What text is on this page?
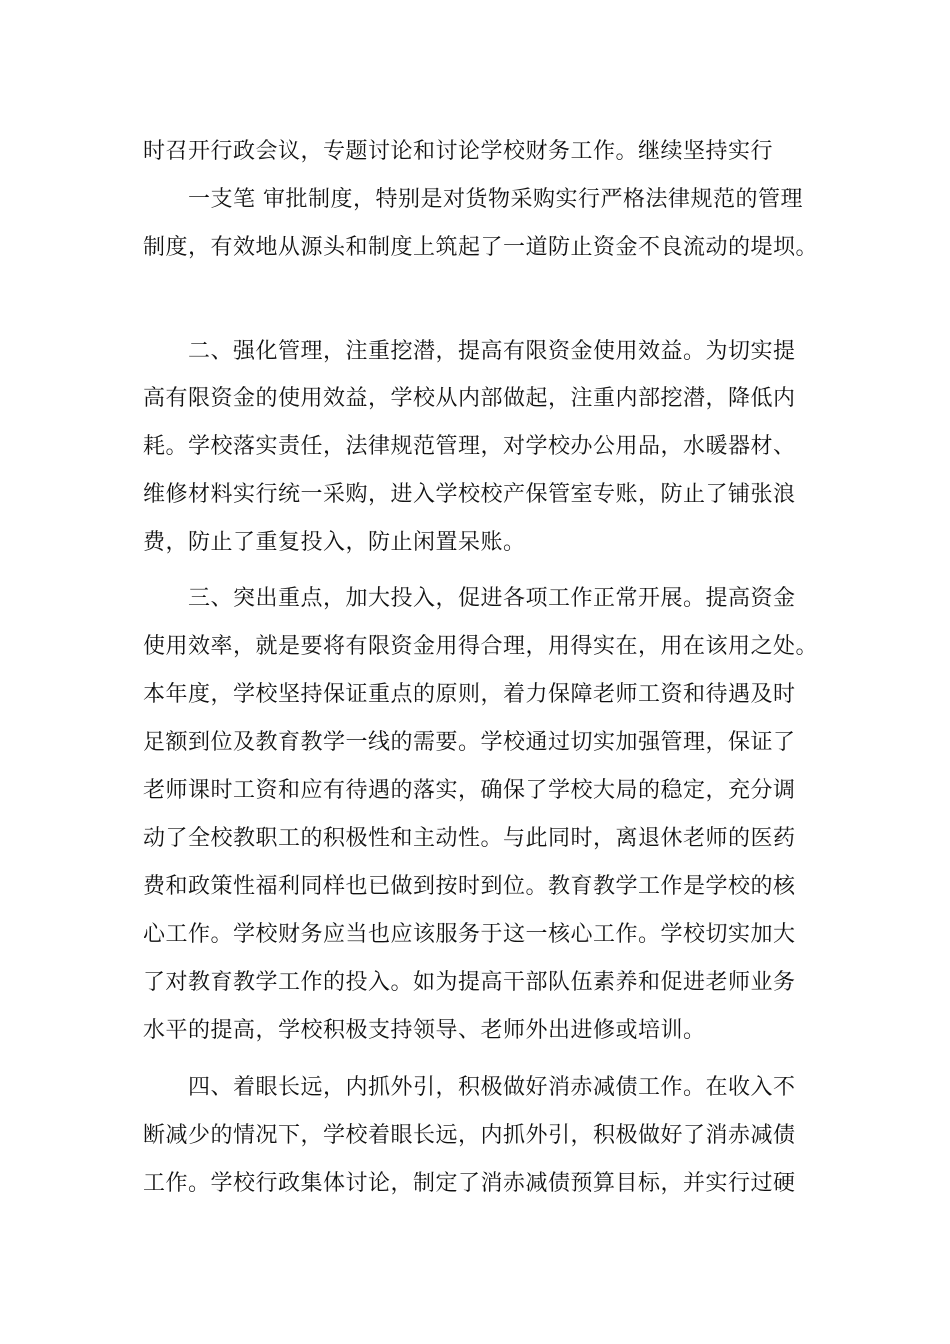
时召开行政会议，专题讨论和讨论学校财务工作。继续坚持实行
一支笔 审批制度，特别是对货物采购实行严格法律规范的管理
制度，有效地从源头和制度上筑起了一道防止资金不良流动的堤坝。
二、强化管理，注重挖潜，提高有限资金使用效益。为切实提
高有限资金的使用效益，学校从内部做起，注重内部挖潜，降低内
耗。学校落实责任，法律规范管理，对学校办公用品，水暖器材、
维修材料实行统一采购，进入学校校产保管室专账，防止了铺张浪
费，防止了重复投入，防止闲置呆账。
三、突出重点，加大投入，促进各项工作正常开展。提高资金
使用效率，就是要将有限资金用得合理，用得实在，用在该用之处。
本年度，学校坚持保证重点的原则，着力保障老师工资和待遇及时
足额到位及教育教学一线的需要。学校通过切实加强管理，保证了
老师课时工资和应有待遇的落实，确保了学校大局的稳定，充分调
动了全校教职工的积极性和主动性。与此同时，离退休老师的医药
费和政策性福利同样也已做到按时到位。教育教学工作是学校的核
心工作。学校财务应当也应该服务于这一核心工作。学校切实加大
了对教育教学工作的投入。如为提高干部队伍素养和促进老师业务
水平的提高，学校积极支持领导、老师外出进修或培训。
四、着眼长远，内抓外引，积极做好消赤减债工作。在收入不
断减少的情况下，学校着眼长远，内抓外引，积极做好了消赤减债
工作。学校行政集体讨论，制定了消赤减债预算目标，并实行过硬
